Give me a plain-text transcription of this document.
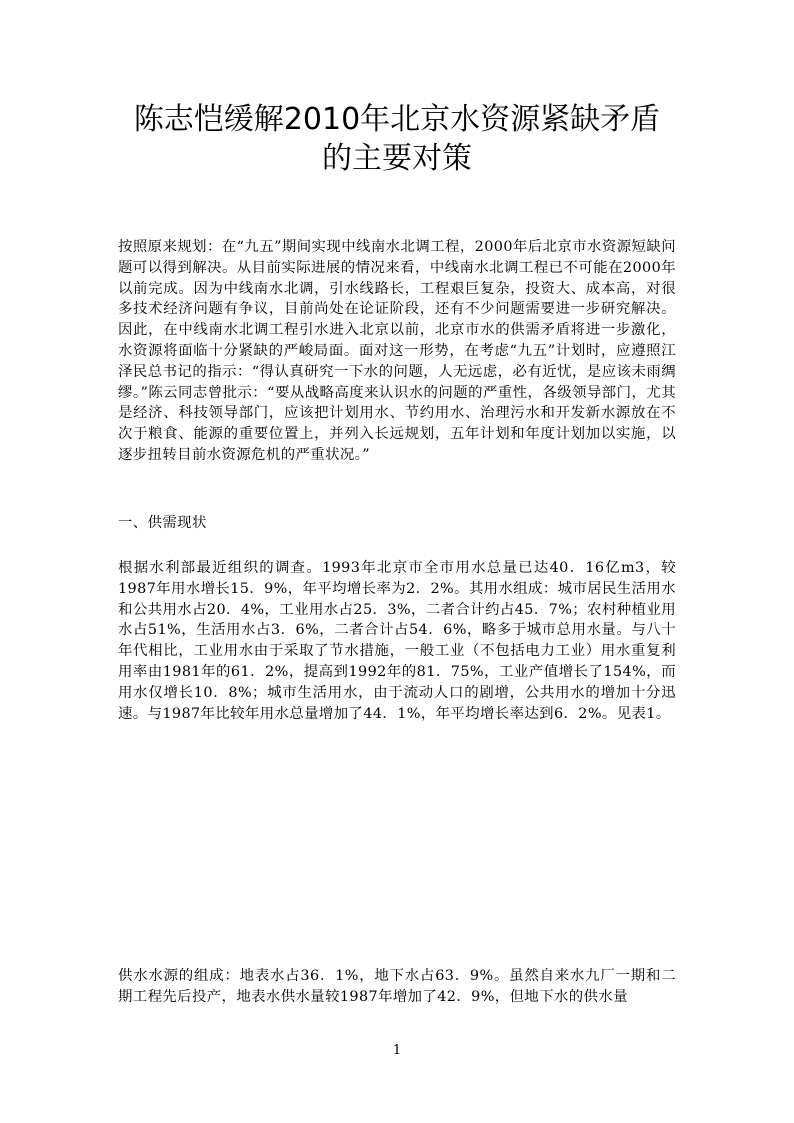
陈志恺缓解2010年北京水资源紧缺矛盾
的主要对策

按照原来规划：在“九五”期间实现中线南水北调工程，2000年后北京市水资源短缺问题可以得到解决。从目前实际进展的情况来看，中线南水北调工程已不可能在2000年以前完成。因为中线南水北调，引水线路长，工程艰巨复杂，投资大、成本高，对很多技术经济问题有争议，目前尚处在论证阶段，还有不少问题需要进一步研究解决。因此，在中线南水北调工程引水进入北京以前，北京市水的供需矛盾将进一步激化，水资源将面临十分紧缺的严峻局面。面对这一形势，在考虑“九五”计划时，应遵照江泽民总书记的指示：“得认真研究一下水的问题，人无远虑，必有近忧，是应该未雨绸缪。”陈云同志曾批示：“要从战略高度来认识水的问题的严重性，各级领导部门，尤其是经济、科技领导部门，应该把计划用水、节约用水、治理污水和开发新水源放在不次于粮食、能源的重要位置上，并列入长远规划，五年计划和年度计划加以实施，以逐步扭转目前水资源危机的严重状况。”

一、供需现状

根据水利部最近组织的调查。1993年北京市全市用水总量已达40．16亿m3，较1987年用水增长15．9%，年平均增长率为2．2%。其用水组成：城市居民生活用水和公共用水占20．4%，工业用水占25．3%，二者合计约占45．7%；农村种植业用水占51%，生活用水占3．6%，二者合计占54．6%，略多于城市总用水量。与八十年代相比，工业用水由于采取了节水措施，一般工业（不包括电力工业）用水重复利用率由1981年的61．2%，提高到1992年的81．75%，工业产值增长了154%，而用水仅增长10．8%；城市生活用水，由于流动人口的剧增，公共用水的增加十分迅速。与1987年比较年用水总量增加了44．1%，年平均增长率达到6．2%。见表1。

供水水源的组成：地表水占36．1%，地下水占63．9%。虽然自来水九厂一期和二期工程先后投产，地表水供水量较1987年增加了42．9%，但地下水的供水量

1
